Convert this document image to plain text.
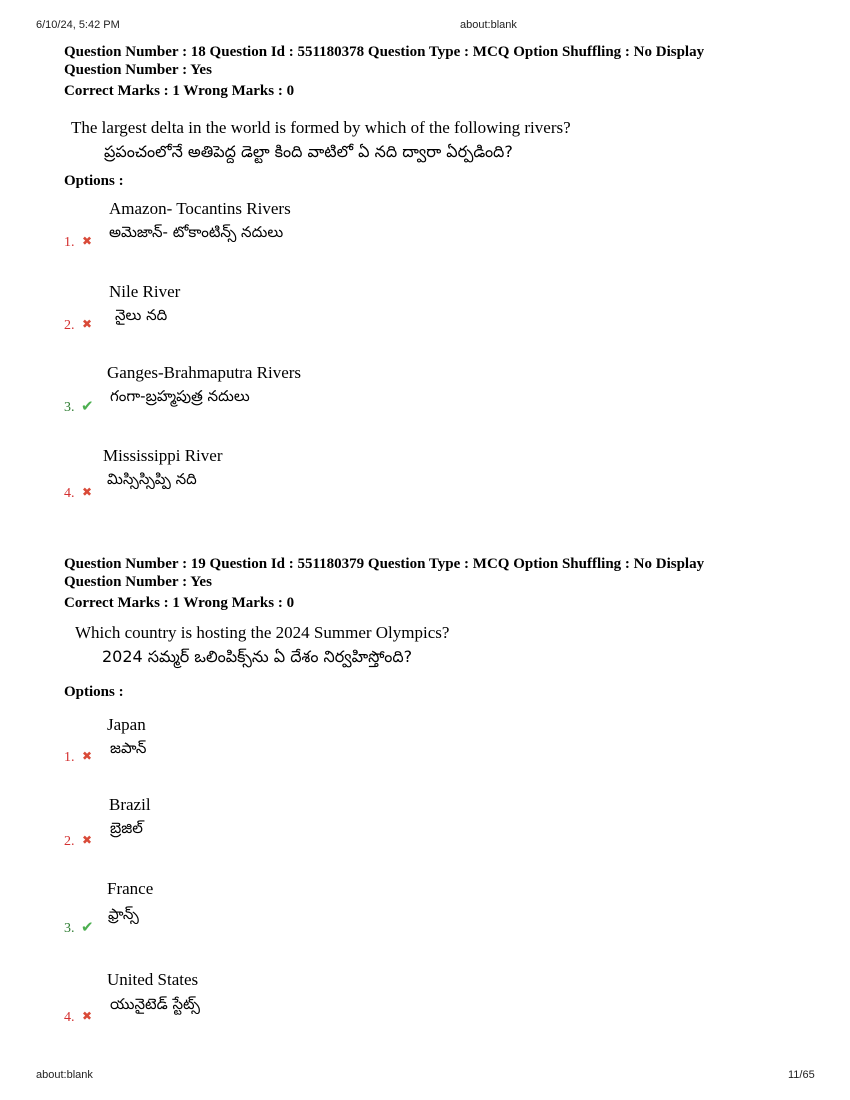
6/10/24, 5:42 PM	about:blank
Question Number : 18 Question Id : 551180378 Question Type : MCQ Option Shuffling : No Display
Question Number : Yes
Correct Marks : 1 Wrong Marks : 0
The largest delta in the world is formed by which of the following rivers?
ప్రపంచంలోనే అతిపెద్ద డెల్టా కింది వాటిలో ఏ నది ద్వారా ఏర్పడింది?
Options :
1. ✖
Amazon- Tocantins Rivers
అమెజాన్- టోకాంటిన్స్ నదులు
2. ✖
Nile River
నైలు నది
3. ✔
Ganges-Brahmaputra Rivers
గంగా-బ్రహ్మపుత్ర నదులు
4. ✖
Mississippi River
మిస్సిస్సిప్పి నది
Question Number : 19 Question Id : 551180379 Question Type : MCQ Option Shuffling : No Display
Question Number : Yes
Correct Marks : 1 Wrong Marks : 0
Which country is hosting the 2024 Summer Olympics?
2024 సమ్మర్ ఒలింపిక్స్‌ను ఏ దేశం నిర్వహిస్తోంది?
Options :
1. ✖
Japan
జపాన్
2. ✖
Brazil
బ్రెజిల్
3. ✔
France
ఫ్రాన్స్
4. ✖
United States
యునైటెడ్ స్టేట్స్
about:blank	11/65
